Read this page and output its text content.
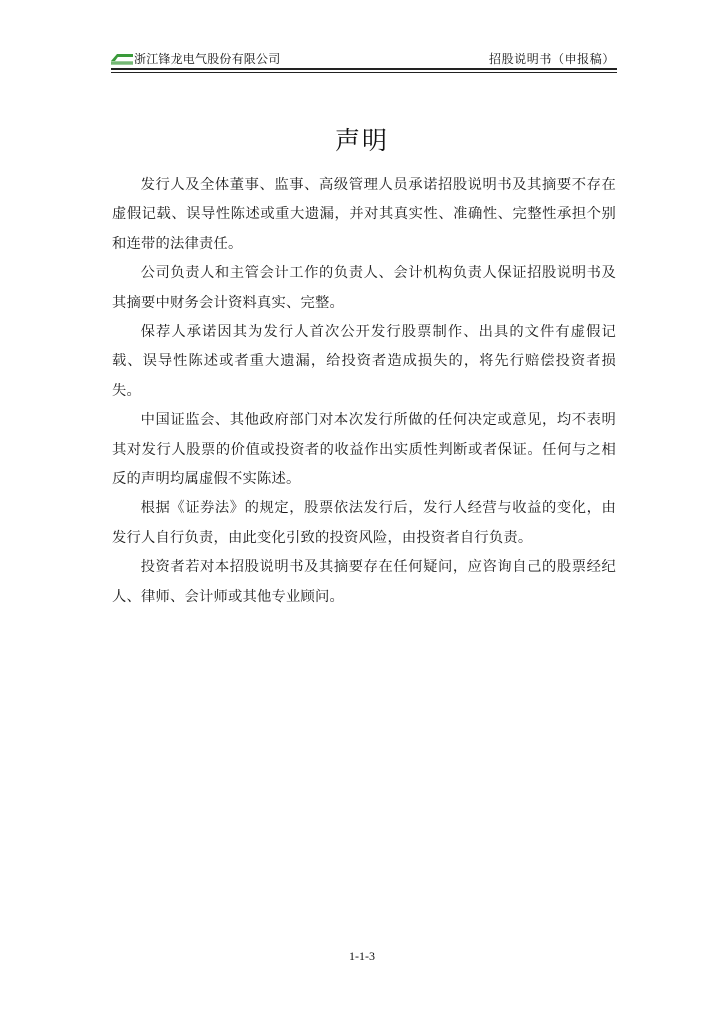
浙江锋龙电气股份有限公司	招股说明书（申报稿）
声明

发行人及全体董事、监事、高级管理人员承诺招股说明书及其摘要不存在虚假记载、误导性陈述或重大遗漏，并对其真实性、准确性、完整性承担个别和连带的法律责任。

公司负责人和主管会计工作的负责人、会计机构负责人保证招股说明书及其摘要中财务会计资料真实、完整。

保荐人承诺因其为发行人首次公开发行股票制作、出具的文件有虚假记载、误导性陈述或者重大遗漏，给投资者造成损失的，将先行赔偿投资者损失。

中国证监会、其他政府部门对本次发行所做的任何决定或意见，均不表明其对发行人股票的价值或投资者的收益作出实质性判断或者保证。任何与之相反的声明均属虚假不实陈述。

根据《证券法》的规定，股票依法发行后，发行人经营与收益的变化，由发行人自行负责，由此变化引致的投资风险，由投资者自行负责。

投资者若对本招股说明书及其摘要存在任何疑问，应咨询自己的股票经纪人、律师、会计师或其他专业顾问。

1-1-3
